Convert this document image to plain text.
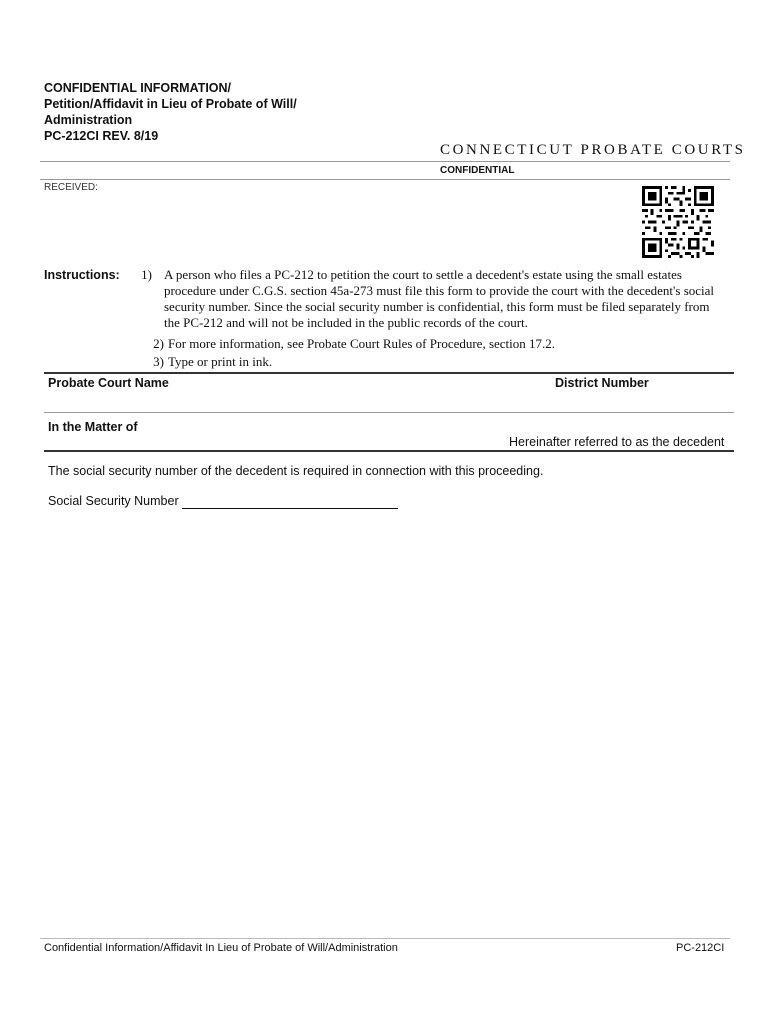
CONFIDENTIAL INFORMATION/
Petition/Affidavit in Lieu of Probate of Will/
Administration
PC-212CI REV. 8/19
CONNECTICUT PROBATE COURTS
CONFIDENTIAL
RECEIVED:
Instructions:	1) A person who files a PC-212 to petition the court to settle a decedent's estate using the small estates
procedure under C.G.S. section 45a-273 must file this form to provide the court with the decedent's social
security number. Since the social security number is confidential, this form must be filed separately from
the PC-212 and will not be included in the public records of the court.
2) For more information, see Probate Court Rules of Procedure, section 17.2.
3) Type or print in ink.
Probate Court Name	District Number
In the Matter of
Hereinafter referred to as the decedent
The social security number of the decedent is required in connection with this proceeding.
Social Security Number
Confidential Information/Affidavit In Lieu of Probate of Will/Administration	PC-212CI
